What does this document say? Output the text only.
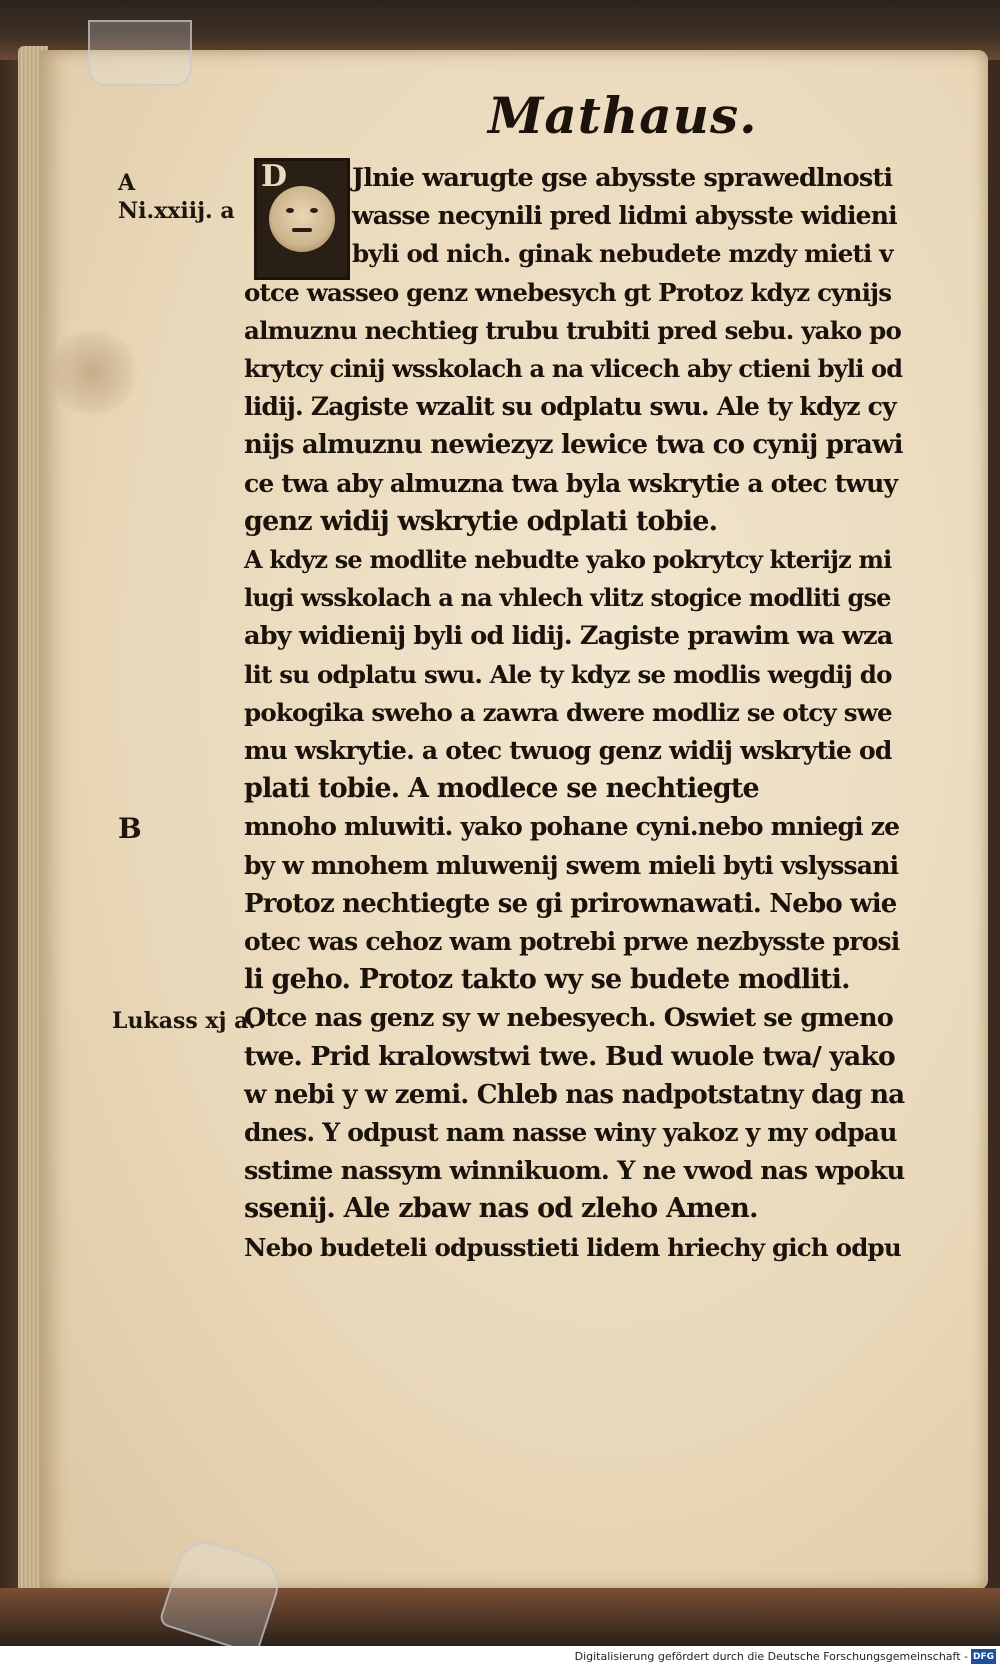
Mathaus.
A
Ni.xxiij. a
B
Lukass xj a.
D	Jlnie warugte gse abysste sprawedlnosti
wasse necynili pred lidmi abysste widieni
byli od nich. ginak nebudete mzdy mieti v
otce wasseo genz wnebesych gt Protoz kdyz cynijs
almuznu nechtieg trubu trubiti pred sebu. yako po
krytcy cinij wsskolach a na vlicech aby ctieni byli od
lidij. Zagiste wzalit su odplatu swu. Ale ty kdyz cy
nijs almuznu newiezyz lewice twa co cynij prawi
ce twa aby almuzna twa byla wskrytie a otec twuy
genz widij wskrytie odplati tobie.
A kdyz se modlite nebudte yako pokrytcy kterijz mi
lugi wsskolach a na vhlech vlitz stogice modliti gse
aby widienij byli od lidij. Zagiste prawim wa wza
lit su odplatu swu. Ale ty kdyz se modlis wegdij do
pokogika sweho a zawra dwere modliz se otcy swe
mu wskrytie. a otec twuog genz widij wskrytie od
plati tobie. A modlece se nechtiegte
mnoho mluwiti. yako pohane cyni.nebo mniegi ze
by w mnohem mluwenij swem mieli byti vslyssani
Protoz nechtiegte se gi prirownawati. Nebo wie
otec was cehoz wam potrebi prwe nezbysste prosi
li geho. Protoz takto wy se budete modliti.
Otce nas genz sy w nebesyech. Oswiet se gmeno
twe. Prid kralowstwi twe. Bud wuole twa/ yako
w nebi y w zemi. Chleb nas nadpotstatny dag na
dnes. Y odpust nam nasse winy yakoz y my odpau
sstime nassym winnikuom. Y ne vwod nas wpoku
ssenij. Ale zbaw nas od zleho Amen.
Nebo budeteli odpusstieti lidem hriechy gich odpu
Digitalisierung gefördert durch die Deutsche Forschungsgemeinschaft - DFG
